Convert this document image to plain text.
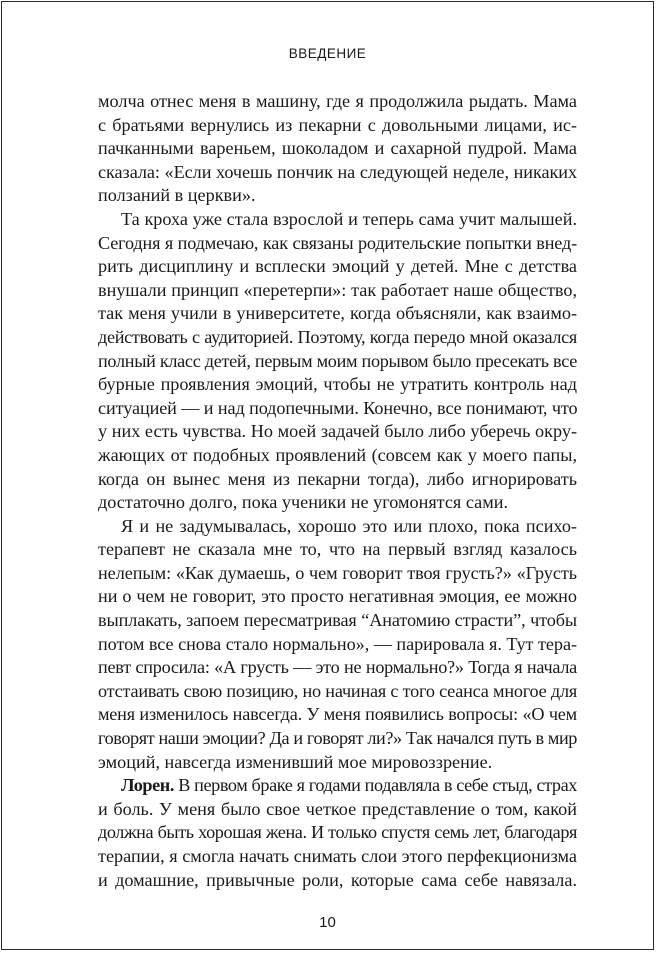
ВВЕДЕНИЕ
молча отнес меня в машину, где я продолжила рыдать. Мама
с братьями вернулись из пекарни с довольными лицами, ис-
пачканными вареньем, шоколадом и сахарной пудрой. Мама
сказала: «Если хочешь пончик на следующей неделе, никаких
ползаний в церкви».
Та кроха уже стала взрослой и теперь сама учит малышей.
Сегодня я подмечаю, как связаны родительские попытки внед-
рить дисциплину и всплески эмоций у детей. Мне с детства
внушали принцип «перетерпи»: так работает наше общество,
так меня учили в университете, когда объясняли, как взаимо-
действовать с аудиторией. Поэтому, когда передо мной оказался
полный класс детей, первым моим порывом было пресекать все
бурные проявления эмоций, чтобы не утратить контроль над
ситуацией — и над подопечными. Конечно, все понимают, что
у них есть чувства. Но моей задачей было либо уберечь окру-
жающих от подобных проявлений (совсем как у моего папы,
когда он вынес меня из пекарни тогда), либо игнорировать
достаточно долго, пока ученики не угомонятся сами.
Я и не задумывалась, хорошо это или плохо, пока психо-
терапевт не сказала мне то, что на первый взгляд казалось
нелепым: «Как думаешь, о чем говорит твоя грусть?» «Грусть
ни о чем не говорит, это просто негативная эмоция, ее можно
выплакать, запоем пересматривая “Анатомию страсти”, чтобы
потом все снова стало нормально», — парировала я. Тут тера-
певт спросила: «А грусть — это не нормально?» Тогда я начала
отстаивать свою позицию, но начиная с того сеанса многое для
меня изменилось навсегда. У меня появились вопросы: «О чем
говорят наши эмоции? Да и говорят ли?» Так начался путь в мир
эмоций, навсегда изменивший мое мировоззрение.
Лорен. В первом браке я годами подавляла в себе стыд, страх
и боль. У меня было свое четкое представление о том, какой
должна быть хорошая жена. И только спустя семь лет, благодаря
терапии, я смогла начать снимать слои этого перфекционизма
и домашние, привычные роли, которые сама себе навязала.
10
